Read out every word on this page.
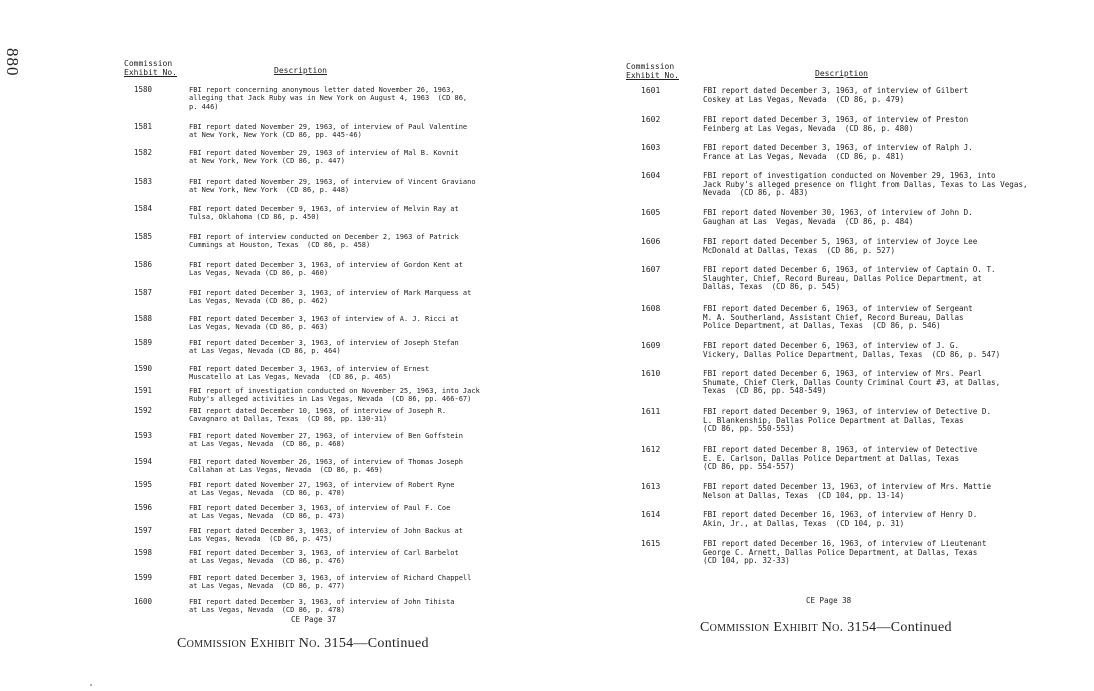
880	Commission
Exhibit No.	Description
1580	FBI report concerning anonymous letter dated November 26, 1963,
alleging that Jack Ruby was in New York on August 4, 1963  (CD 86,
p. 446)
1581	FBI report dated November 29, 1963, of interview of Paul Valentine
at New York, New York (CD 86, pp. 445-46)
1582	FBI report dated November 29, 1963 of interview of Mal B. Kovnit
at New York, New York (CD 86, p. 447)
1583	FBI report dated November 29, 1963, of interview of Vincent Graviano
at New York, New York  (CD 86, p. 448)
1584	FBI report dated December 9, 1963, of interview of Melvin Ray at
Tulsa, Oklahoma (CD 86, p. 450)
1585	FBI report of interview conducted on December 2, 1963 of Patrick
Cummings at Houston, Texas  (CD 86, p. 458)
1586	FBI report dated December 3, 1963, of interview of Gordon Kent at
Las Vegas, Nevada (CD 86, p. 460)
1587	FBI report dated December 3, 1963, of interview of Mark Marquess at
Las Vegas, Nevada (CD 86, p. 462)
1588	FBI report dated December 3, 1963 of interview of A. J. Ricci at
Las Vegas, Nevada (CD 86, p. 463)
1589	FBI report dated December 3, 1963, of interview of Joseph Stefan
at Las Vegas, Nevada (CD 86, p. 464)
1590	FBI report dated December 3, 1963, of interview of Ernest
Muscatello at Las Vegas, Nevada  (CD 86, p. 465)
1591	FBI report of investigation conducted on November 25, 1963, into Jack
Ruby's alleged activities in Las Vegas, Nevada  (CD 86, pp. 466-67)
1592	FBI report dated December 10, 1963, of interview of Joseph R.
Cavagnaro at Dallas, Texas  (CD 86, pp. 130-31)
1593	FBI report dated November 27, 1963, of interview of Ben Goffstein
at Las Vegas, Nevada  (CD 86, p. 468)
1594	FBI report dated November 26, 1963, of interview of Thomas Joseph
Callahan at Las Vegas, Nevada  (CD 86, p. 469)
1595	FBI report dated November 27, 1963, of interview of Robert Ryne
at Las Vegas, Nevada  (CD 86, p. 470)
1596	FBI report dated December 3, 1963, of interview of Paul F. Coe
at Las Vegas, Nevada  (CD 86, p. 473)
1597	FBI report dated December 3, 1963, of interview of John Backus at
Las Vegas, Nevada  (CD 86, p. 475)
1598	FBI report dated December 3, 1963, of interview of Carl Barbelot
at Las Vegas, Nevada  (CD 86, p. 476)
1599	FBI report dated December 3, 1963, of interview of Richard Chappell
at Las Vegas, Nevada  (CD 86, p. 477)
1600	FBI report dated December 3, 1963, of interview of John Tihista
at Las Vegas, Nevada  (CD 86, p. 478)
CE Page 37
Commission Exhibit No. 3154—Continued
Commission
Exhibit No.	Description
1601	FBI report dated December 3, 1963, of interview of Gilbert
Coskey at Las Vegas, Nevada  (CD 86, p. 479)
1602	FBI report dated December 3, 1963, of interview of Preston
Feinberg at Las Vegas, Nevada  (CD 86, p. 480)
1603	FBI report dated December 3, 1963, of interview of Ralph J.
France at Las Vegas, Nevada  (CD 86, p. 481)
1604	FBI report of investigation conducted on November 29, 1963, into
Jack Ruby's alleged presence on flight from Dallas, Texas to Las Vegas,
Nevada  (CD 86, p. 483)
1605	FBI report dated November 30, 1963, of interview of John D.
Gaughan at Las  Vegas, Nevada  (CD 86, p. 484)
1606	FBI report dated December 5, 1963, of interview of Joyce Lee
McDonald at Dallas, Texas  (CD 86, p. 527)
1607	FBI report dated December 6, 1963, of interview of Captain O. T.
Slaughter, Chief, Record Bureau, Dallas Police Department, at
Dallas, Texas  (CD 86, p. 545)
1608	FBI report dated December 6, 1963, of interview of Sergeant
M. A. Southerland, Assistant Chief, Record Bureau, Dallas
Police Department, at Dallas, Texas  (CD 86, p. 546)
1609	FBI report dated December 6, 1963, of interview of J. G.
Vickery, Dallas Police Department, Dallas, Texas  (CD 86, p. 547)
1610	FBI report dated December 6, 1963, of interview of Mrs. Pearl
Shumate, Chief Clerk, Dallas County Criminal Court #3, at Dallas,
Texas  (CD 86, pp. 548-549)
1611	FBI report dated December 9, 1963, of interview of Detective D.
L. Blankenship, Dallas Police Department at Dallas, Texas
(CD 86, pp. 550-553)
1612	FBI report dated December 8, 1963, of interview of Detective
E. E. Carlson, Dallas Police Department at Dallas, Texas
(CD 86, pp. 554-557)
1613	FBI report dated December 13, 1963, of interview of Mrs. Mattie
Nelson at Dallas, Texas  (CD 104, pp. 13-14)
1614	FBI report dated December 16, 1963, of interview of Henry D.
Akin, Jr., at Dallas, Texas  (CD 104, p. 31)
1615	FBI report dated December 16, 1963, of interview of Lieutenant
George C. Arnett, Dallas Police Department, at Dallas, Texas
(CD 104, pp. 32-33)
CE Page 38
Commission Exhibit No. 3154—Continued
